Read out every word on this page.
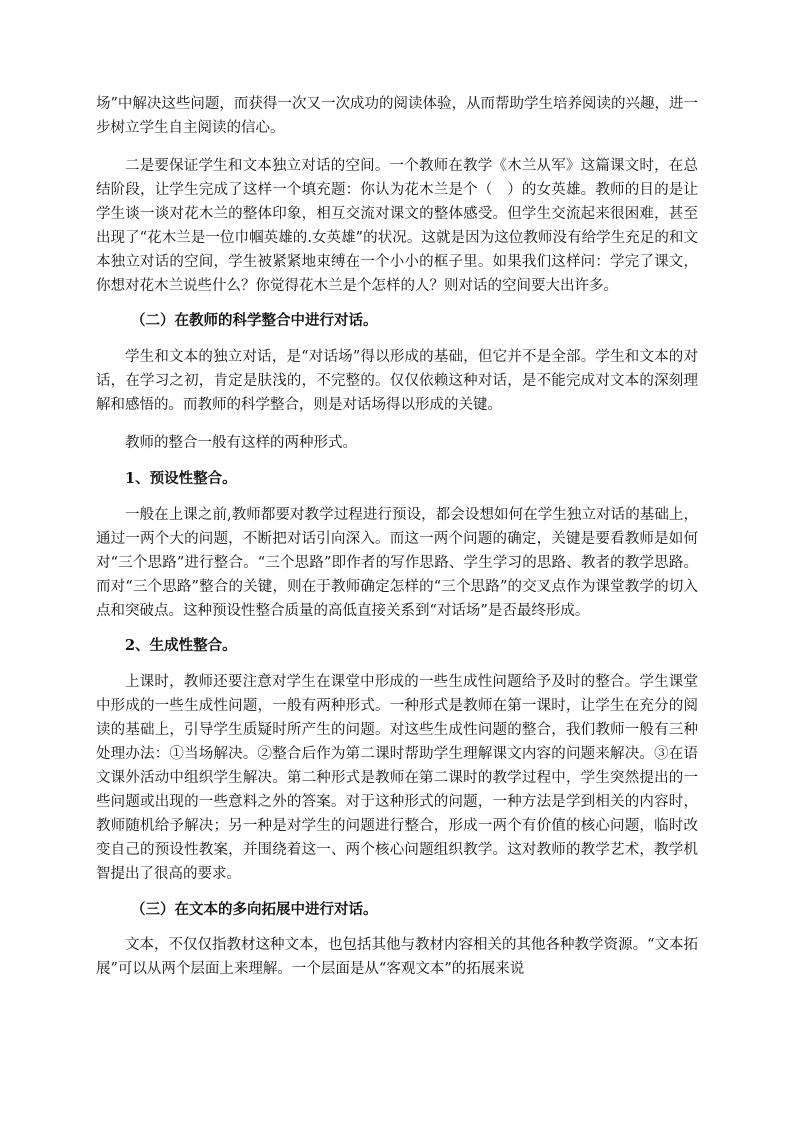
场”中解决这些问题，而获得一次又一次成功的阅读体验，从而帮助学生培养阅读的兴趣，进一步树立学生自主阅读的信心。

二是要保证学生和文本独立对话的空间。一个教师在教学《木兰从军》这篇课文时，在总结阶段，让学生完成了这样一个填充题：你认为花木兰是个（　）的女英雄。教师的目的是让学生谈一谈对花木兰的整体印象，相互交流对课文的整体感受。但学生交流起来很困难，甚至出现了“花木兰是一位巾帼英雄的.女英雄”的状况。这就是因为这位教师没有给学生充足的和文本独立对话的空间，学生被紧紧地束缚在一个小小的框子里。如果我们这样问：学完了课文，你想对花木兰说些什么？你觉得花木兰是个怎样的人？则对话的空间要大出许多。

（二）在教师的科学整合中进行对话。

学生和文本的独立对话，是“对话场”得以形成的基础，但它并不是全部。学生和文本的对话，在学习之初，肯定是肤浅的，不完整的。仅仅依赖这种对话，是不能完成对文本的深刻理解和感悟的。而教师的科学整合，则是对话场得以形成的关键。

教师的整合一般有这样的两种形式。

1、预设性整合。

一般在上课之前,教师都要对教学过程进行预设，都会设想如何在学生独立对话的基础上，通过一两个大的问题，不断把对话引向深入。而这一两个问题的确定，关键是要看教师是如何对“三个思路”进行整合。“三个思路”即作者的写作思路、学生学习的思路、教者的教学思路。而对“三个思路”整合的关键，则在于教师确定怎样的“三个思路”的交叉点作为课堂教学的切入点和突破点。这种预设性整合质量的高低直接关系到“对话场”是否最终形成。

2、生成性整合。

上课时，教师还要注意对学生在课堂中形成的一些生成性问题给予及时的整合。学生课堂中形成的一些生成性问题，一般有两种形式。一种形式是教师在第一课时，让学生在充分的阅读的基础上，引导学生质疑时所产生的问题。对这些生成性问题的整合，我们教师一般有三种处理办法：①当场解决。②整合后作为第二课时帮助学生理解课文内容的问题来解决。③在语文课外活动中组织学生解决。第二种形式是教师在第二课时的教学过程中，学生突然提出的一些问题或出现的一些意料之外的答案。对于这种形式的问题，一种方法是学到相关的内容时，教师随机给予解决；另一种是对学生的问题进行整合，形成一两个有价值的核心问题，临时改变自己的预设性教案，并围绕着这一、两个核心问题组织教学。这对教师的教学艺术，教学机智提出了很高的要求。

（三）在文本的多向拓展中进行对话。

文本，不仅仅指教材这种文本，也包括其他与教材内容相关的其他各种教学资源。“文本拓展”可以从两个层面上来理解。一个层面是从“客观文本”的拓展来说
